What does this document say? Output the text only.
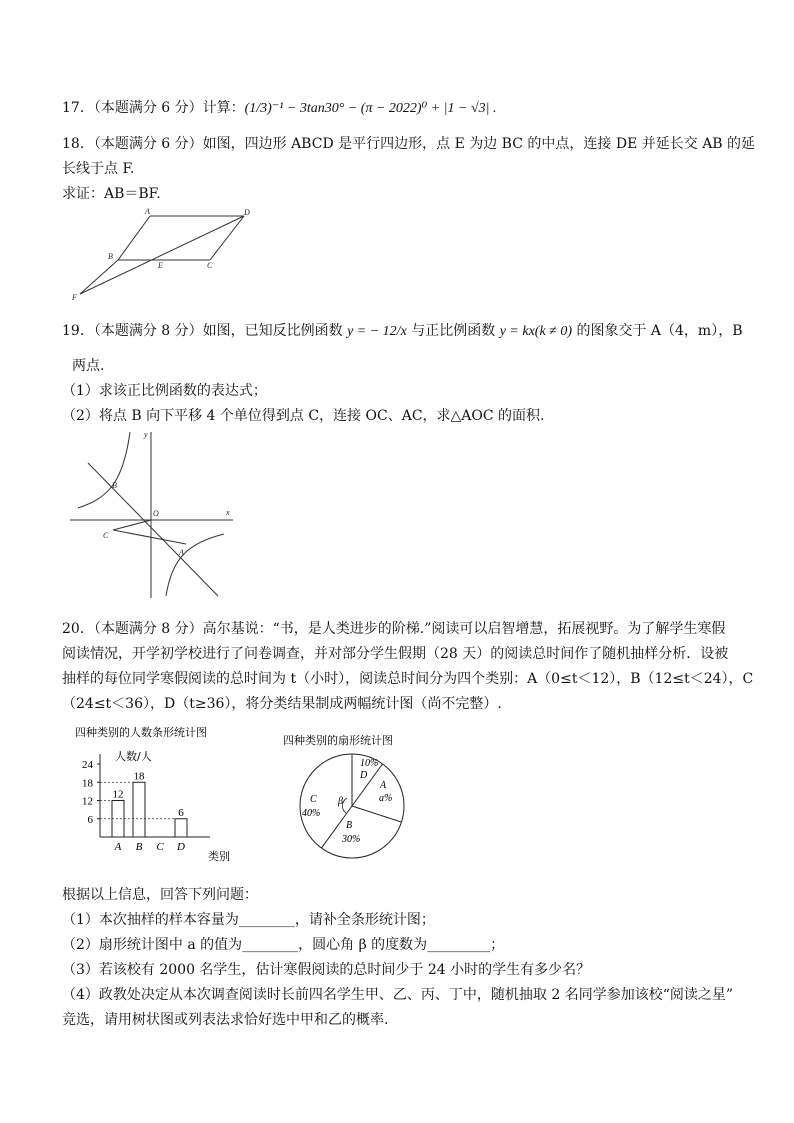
17．（本题满分 6 分）计算：(1/3)⁻¹ − 3tan30° − (π − 2022)⁰ + |1 − √3| .
18．（本题满分 6 分）如图，四边形 ABCD 是平行四边形，点 E 为边 BC 的中点，连接 DE 并延长交 AB 的延
长线于点 F.
求证：AB＝BF.
A	D
B
E	C
F
19．（本题满分 8 分）如图，已知反比例函数 y = − 12/x 与正比例函数 y = kx(k ≠ 0) 的图象交于 A（4，m），B
两点.
（1）求该正比例函数的表达式；
（2）将点 B 向下平移 4 个单位得到点 C，连接 OC、AC，求△AOC 的面积.
y
x
O
B
C
A
20．（本题满分 8 分）高尔基说：“书，是人类进步的阶梯.”阅读可以启智增慧，拓展视野。为了解学生寒假
阅读情况，开学初学校进行了问卷调查，并对部分学生假期（28 天）的阅读总时间作了随机抽样分析．设被
抽样的每位同学寒假阅读的总时间为 t（小时），阅读总时间分为四个类别：A（0≤t＜12），B（12≤t＜24），C
（24≤t＜36），D（t≥36），将分类结果制成两幅统计图（尚不完整）.
四种类别的人数条形统计图
人数/人
类别
6
12
18
24
12
A
18
B C
6
D
四种类别的扇形统计图
10%
D
A
a%
B
30%
C
40%
β
根据以上信息，回答下列问题：
（1）本次抽样的样本容量为________，请补全条形统计图；
（2）扇形统计图中 a 的值为________，圆心角 β 的度数为_________；
（3）若该校有 2000 名学生，估计寒假阅读的总时间少于 24 小时的学生有多少名？
（4）政教处决定从本次调查阅读时长前四名学生甲、乙、丙、丁中，随机抽取 2 名同学参加该校“阅读之星”
竞选，请用树状图或列表法求恰好选中甲和乙的概率.
